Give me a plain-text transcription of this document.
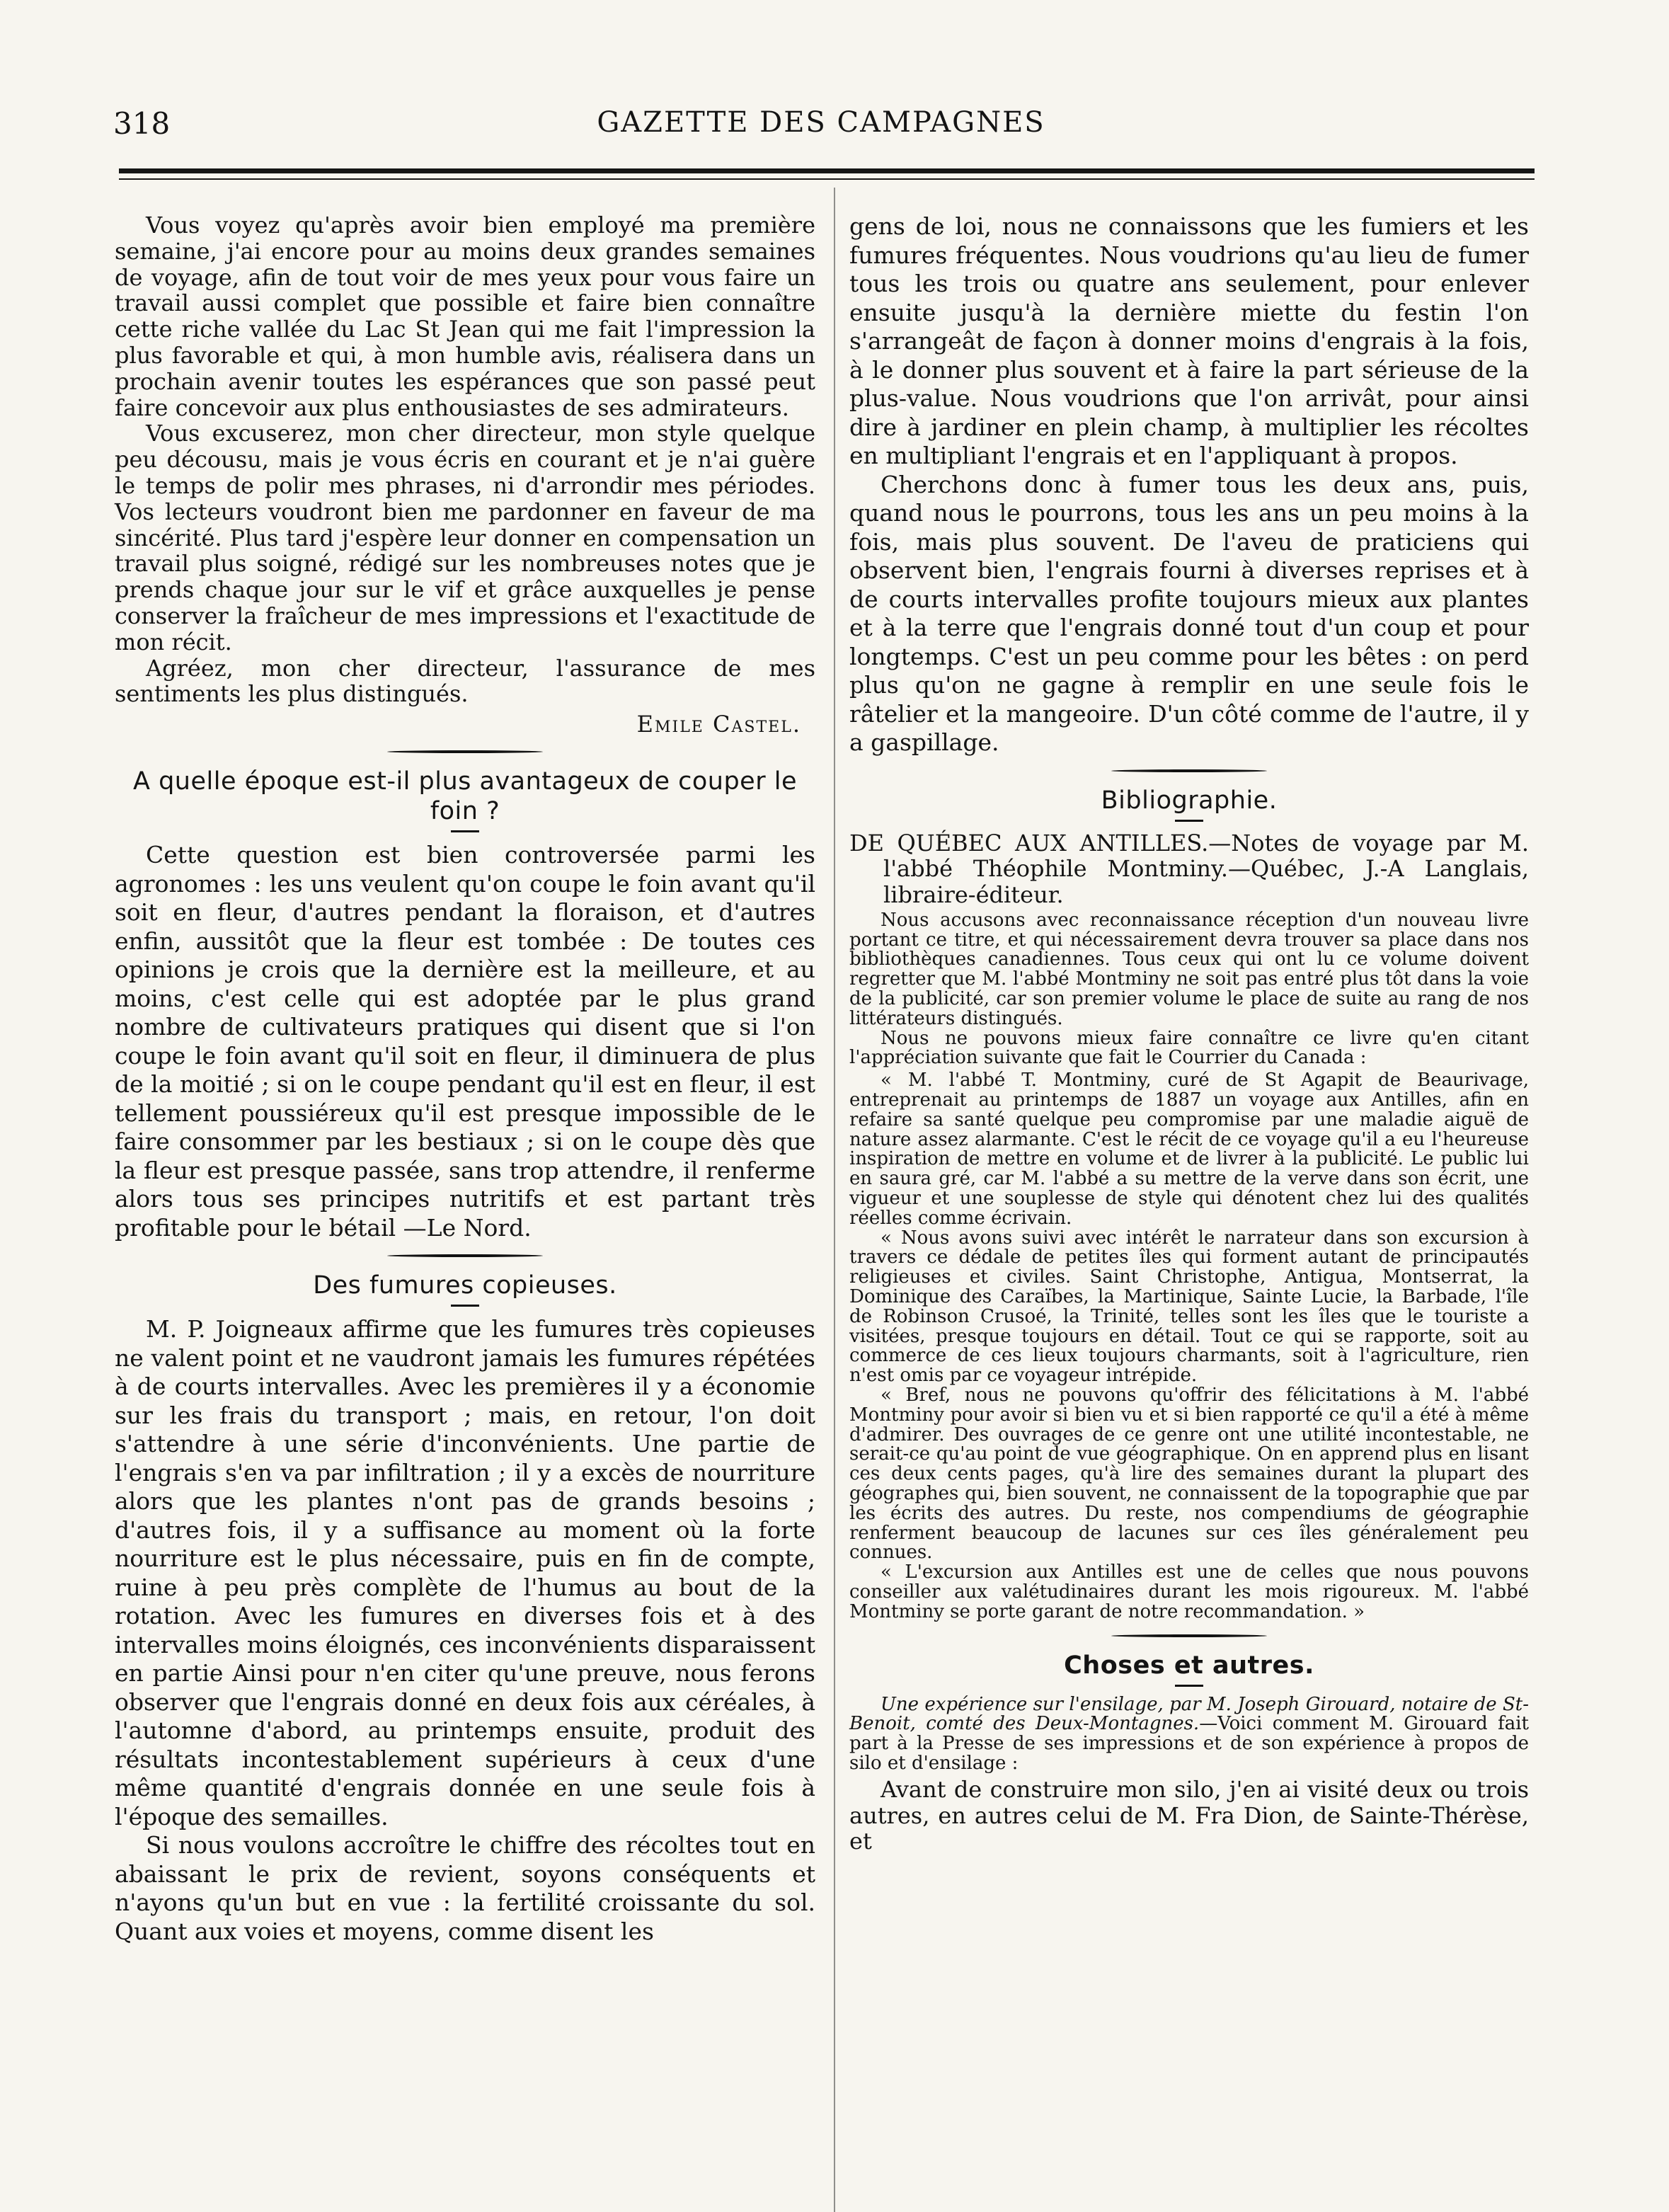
318	GAZETTE DES CAMPAGNES

Vous voyez qu'après avoir bien employé ma première semaine, j'ai encore pour au moins deux grandes semaines de voyage, afin de tout voir de mes yeux pour vous faire un travail aussi complet que possible et faire bien connaître cette riche vallée du Lac St Jean qui me fait l'impression la plus favorable et qui, à mon humble avis, réalisera dans un prochain avenir toutes les espérances que son passé peut faire concevoir aux plus enthousiastes de ses admirateurs.

Vous excuserez, mon cher directeur, mon style quelque peu décousu, mais je vous écris en courant et je n'ai guère le temps de polir mes phrases, ni d'arrondir mes périodes. Vos lecteurs voudront bien me pardonner en faveur de ma sincérité. Plus tard j'espère leur donner en compensation un travail plus soigné, rédigé sur les nombreuses notes que je prends chaque jour sur le vif et grâce auxquelles je pense conserver la fraîcheur de mes impressions et l'exactitude de mon récit.

Agréez, mon cher directeur, l'assurance de mes sentiments les plus distingués.

Emile Castel.
A quelle époque est-il plus avantageux de couper le foin ?

Cette question est bien controversée parmi les agronomes : les uns veulent qu'on coupe le foin avant qu'il soit en fleur, d'autres pendant la floraison, et d'autres enfin, aussitôt que la fleur est tombée : De toutes ces opinions je crois que la dernière est la meilleure, et au moins, c'est celle qui est adoptée par le plus grand nombre de cultivateurs pratiques qui disent que si l'on coupe le foin avant qu'il soit en fleur, il diminuera de plus de la moitié ; si on le coupe pendant qu'il est en fleur, il est tellement poussiéreux qu'il est presque impossible de le faire consommer par les bestiaux ; si on le coupe dès que la fleur est presque passée, sans trop attendre, il renferme alors tous ses principes nutritifs et est partant très profitable pour le bétail —Le Nord.

Des fumures copieuses.

M. P. Joigneaux affirme que les fumures très copieuses ne valent point et ne vaudront jamais les fumures répétées à de courts intervalles. Avec les premières il y a économie sur les frais du transport ; mais, en retour, l'on doit s'attendre à une série d'inconvénients. Une partie de l'engrais s'en va par infiltration ; il y a excès de nourriture alors que les plantes n'ont pas de grands besoins ; d'autres fois, il y a suffisance au moment où la forte nourriture est le plus nécessaire, puis en fin de compte, ruine à peu près complète de l'humus au bout de la rotation. Avec les fumures en diverses fois et à des intervalles moins éloignés, ces inconvénients disparaissent en partie Ainsi pour n'en citer qu'une preuve, nous ferons observer que l'engrais donné en deux fois aux céréales, à l'automne d'abord, au printemps ensuite, produit des résultats incontestablement supérieurs à ceux d'une même quantité d'engrais donnée en une seule fois à l'époque des semailles.

Si nous voulons accroître le chiffre des récoltes tout en abaissant le prix de revient, soyons conséquents et n'ayons qu'un but en vue : la fertilité croissante du sol. Quant aux voies et moyens, comme disent les

gens de loi, nous ne connaissons que les fumiers et les fumures fréquentes. Nous voudrions qu'au lieu de fumer tous les trois ou quatre ans seulement, pour enlever ensuite jusqu'à la dernière miette du festin l'on s'arrangeât de façon à donner moins d'engrais à la fois, à le donner plus souvent et à faire la part sérieuse de la plus-value. Nous voudrions que l'on arrivât, pour ainsi dire à jardiner en plein champ, à multiplier les récoltes en multipliant l'engrais et en l'appliquant à propos.

Cherchons donc à fumer tous les deux ans, puis, quand nous le pourrons, tous les ans un peu moins à la fois, mais plus souvent. De l'aveu de praticiens qui observent bien, l'engrais fourni à diverses reprises et à de courts intervalles profite toujours mieux aux plantes et à la terre que l'engrais donné tout d'un coup et pour longtemps. C'est un peu comme pour les bêtes : on perd plus qu'on ne gagne à remplir en une seule fois le râtelier et la mangeoire. D'un côté comme de l'autre, il y a gaspillage.

Bibliographie.

DE QUÉBEC AUX ANTILLES.—Notes de voyage par M. l'abbé Théophile Montminy.—Québec, J.-A Langlais, libraire-éditeur.

Nous accusons avec reconnaissance réception d'un nouveau livre portant ce titre, et qui nécessairement devra trouver sa place dans nos bibliothèques canadiennes. Tous ceux qui ont lu ce volume doivent regretter que M. l'abbé Montminy ne soit pas entré plus tôt dans la voie de la publicité, car son premier volume le place de suite au rang de nos littérateurs distingués.

Nous ne pouvons mieux faire connaître ce livre qu'en citant l'appréciation suivante que fait le Courrier du Canada :

« M. l'abbé T. Montminy, curé de St Agapit de Beaurivage, entreprenait au printemps de 1887 un voyage aux Antilles, afin en refaire sa santé quelque peu compromise par une maladie aiguë de nature assez alarmante. C'est le récit de ce voyage qu'il a eu l'heureuse inspiration de mettre en volume et de livrer à la publicité. Le public lui en saura gré, car M. l'abbé a su mettre de la verve dans son écrit, une vigueur et une souplesse de style qui dénotent chez lui des qualités réelles comme écrivain.

« Nous avons suivi avec intérêt le narrateur dans son excursion à travers ce dédale de petites îles qui forment autant de principautés religieuses et civiles. Saint Christophe, Antigua, Montserrat, la Dominique des Caraïbes, la Martinique, Sainte Lucie, la Barbade, l'île de Robinson Crusoé, la Trinité, telles sont les îles que le touriste a visitées, presque toujours en détail. Tout ce qui se rapporte, soit au commerce de ces lieux toujours charmants, soit à l'agriculture, rien n'est omis par ce voyageur intrépide.

« Bref, nous ne pouvons qu'offrir des félicitations à M. l'abbé Montminy pour avoir si bien vu et si bien rapporté ce qu'il a été à même d'admirer. Des ouvrages de ce genre ont une utilité incontestable, ne serait-ce qu'au point de vue géographique. On en apprend plus en lisant ces deux cents pages, qu'à lire des semaines durant la plupart des géographes qui, bien souvent, ne connaissent de la topographie que par les écrits des autres. Du reste, nos compendiums de géographie renferment beaucoup de lacunes sur ces îles généralement peu connues.

« L'excursion aux Antilles est une de celles que nous pouvons conseiller aux valétudinaires durant les mois rigoureux. M. l'abbé Montminy se porte garant de notre recommandation. »

Choses et autres.

Une expérience sur l'ensilage, par M. Joseph Girouard, notaire de St-Benoit, comté des Deux-Montagnes.—Voici comment M. Girouard fait part à la Presse de ses impressions et de son expérience à propos de silo et d'ensilage :

Avant de construire mon silo, j'en ai visité deux ou trois autres, en autres celui de M. Fra Dion, de Sainte-Thérèse, et
